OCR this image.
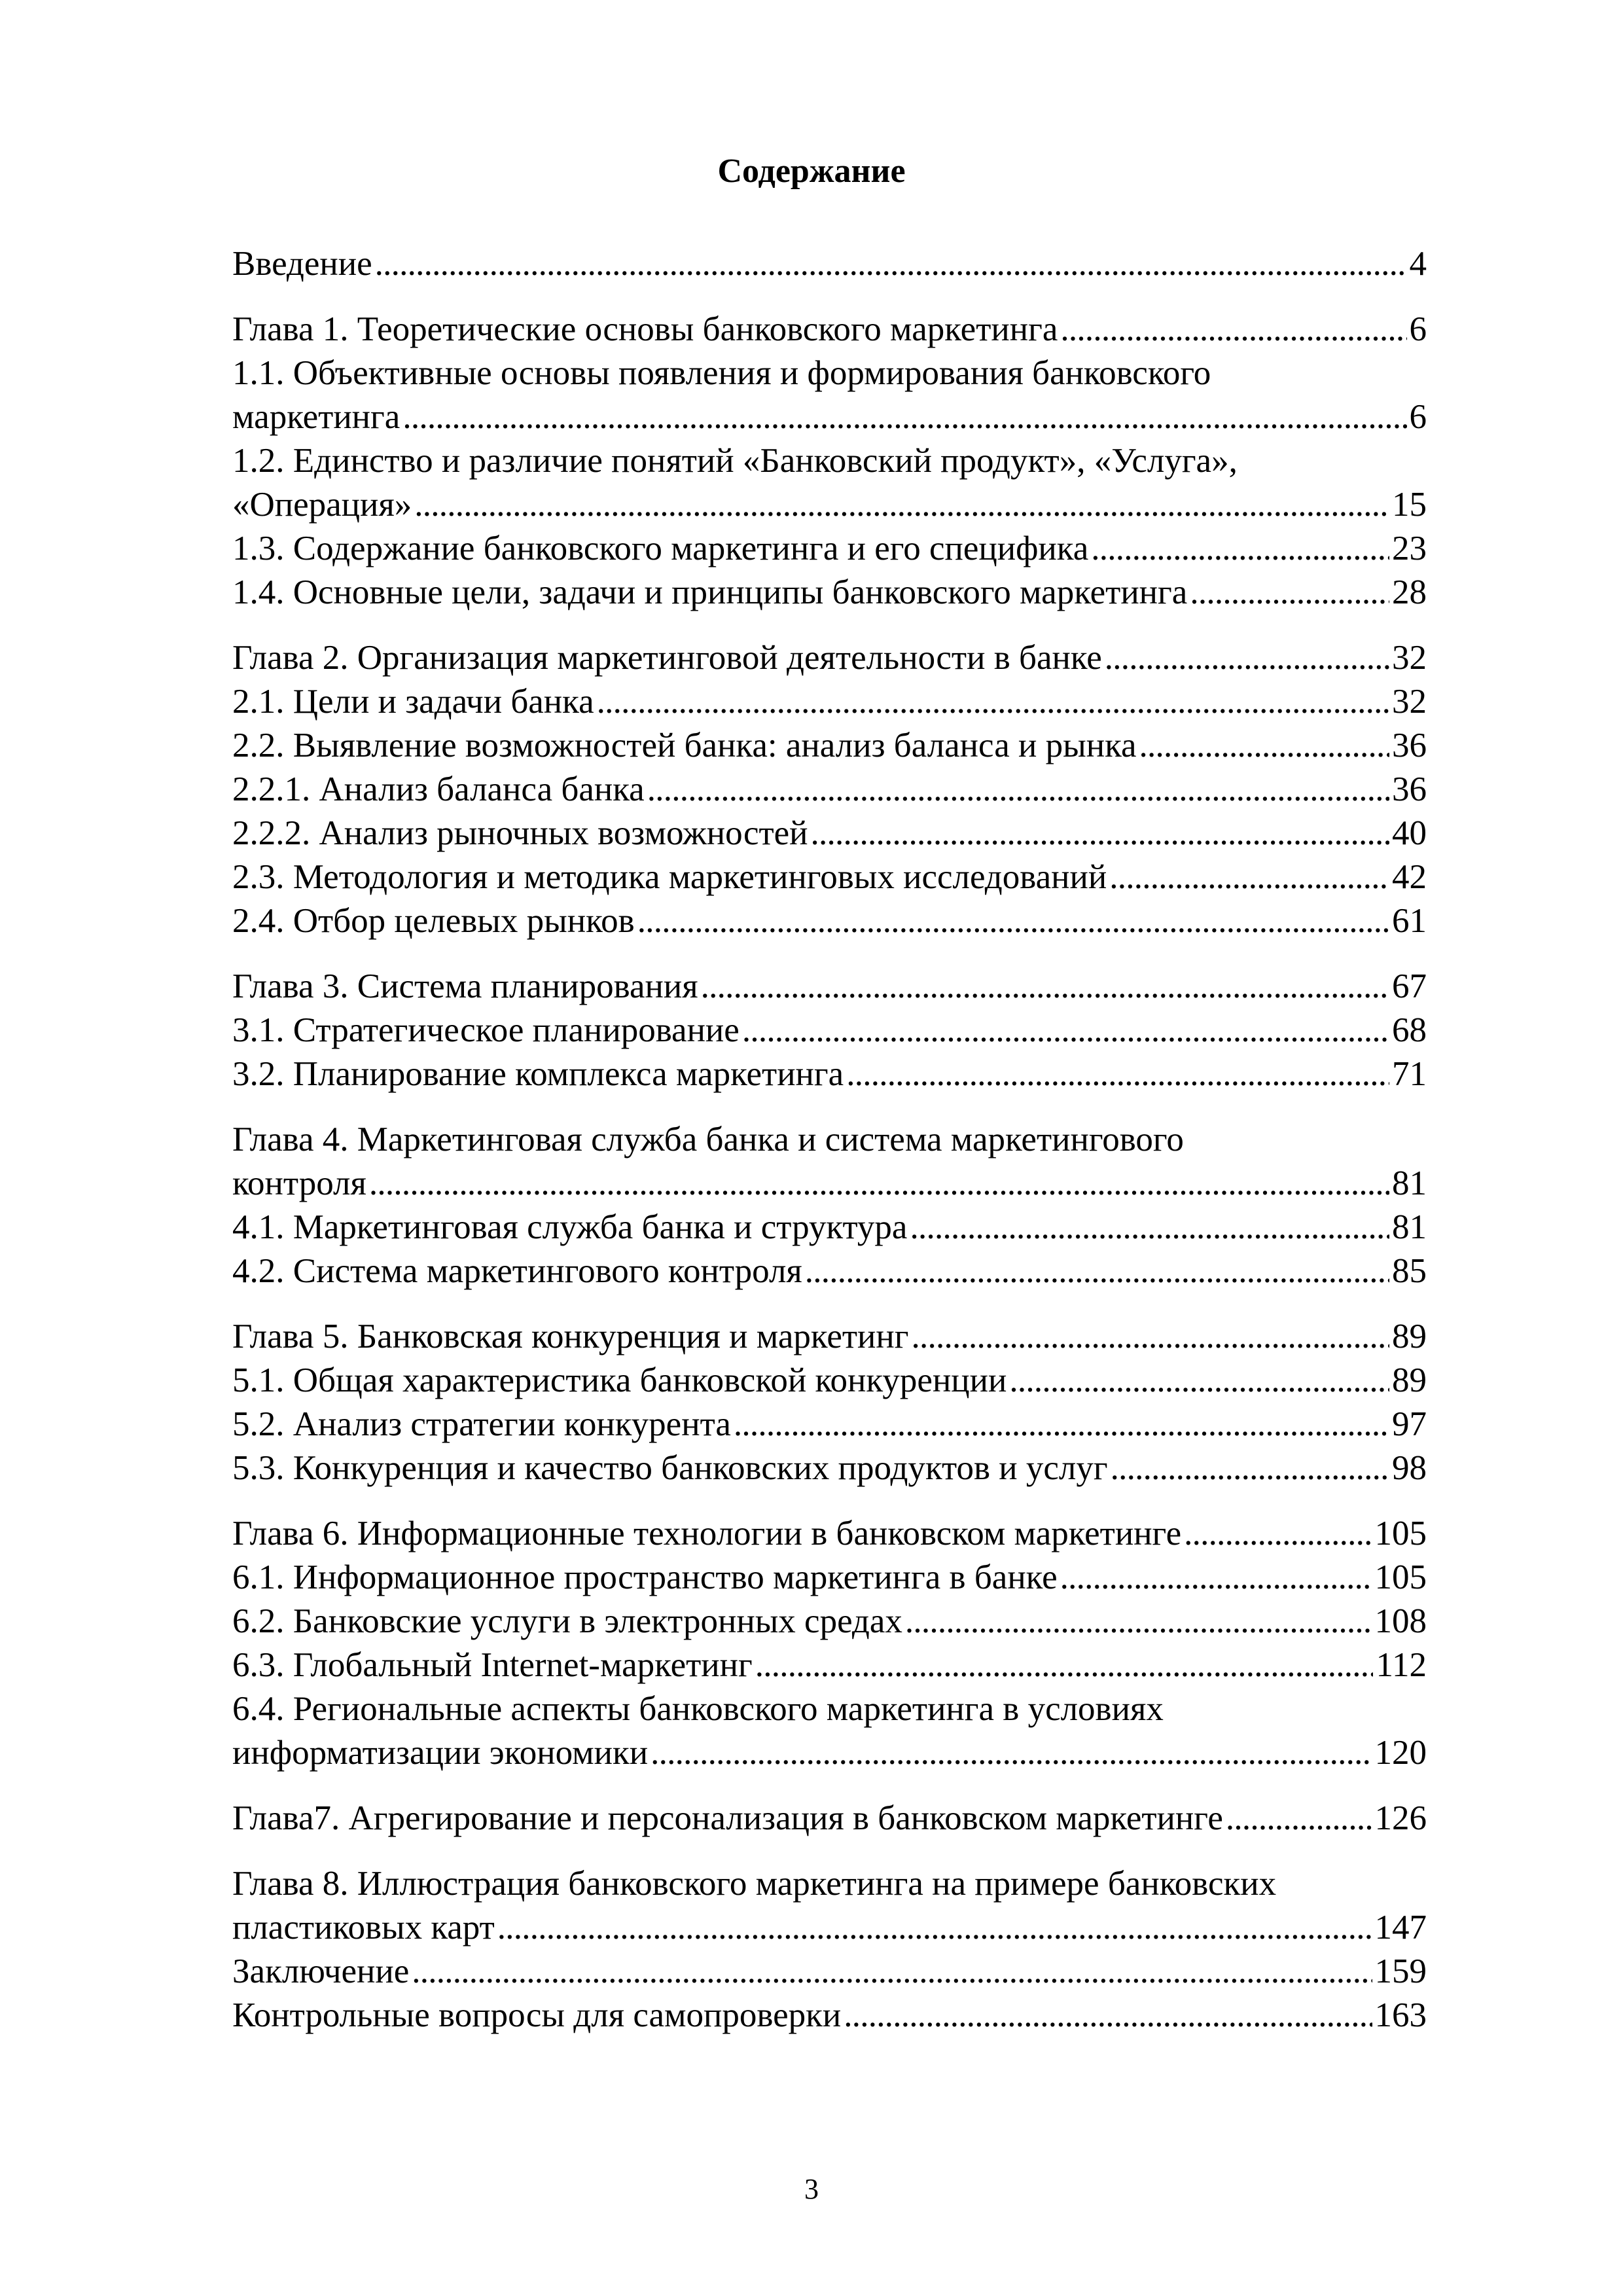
Содержание
Введение . . .	4
Глава 1. Теоретические основы банковского маркетинга . . .	6
1.1. Объективные основы появления и формирования банковского
маркетинга . . .	6
1.2. Единство и различие понятий «Банковский продукт», «Услуга»,
«Операция» . . .	15
1.3. Содержание банковского маркетинга и его специфика . . .	23
1.4. Основные цели, задачи и принципы банковского маркетинга . . .	28
Глава 2. Организация маркетинговой деятельности в банке . . .	32
2.1. Цели и задачи банка . . .	32
2.2. Выявление возможностей банка: анализ баланса и рынка . . .	36
2.2.1. Анализ баланса банка . . .	36
2.2.2. Анализ рыночных возможностей . . .	40
2.3. Методология и методика маркетинговых исследований . . .	42
2.4. Отбор целевых рынков . . .	61
Глава 3. Система планирования . . .	67
3.1. Стратегическое планирование . . .	68
3.2. Планирование комплекса маркетинга . . .	71
Глава 4. Маркетинговая служба банка и система маркетингового
контроля . . .	81
4.1. Маркетинговая служба банка и структура . . .	81
4.2. Система маркетингового контроля . . .	85
Глава 5. Банковская конкуренция и маркетинг . . .	89
5.1. Общая характеристика банковской конкуренции . . .	89
5.2. Анализ стратегии конкурента . . .	97
5.3. Конкуренция и качество банковских продуктов и услуг . . .	98
Глава 6. Информационные технологии в банковском маркетинге . . .	105
6.1. Информационное пространство маркетинга в банке . . .	105
6.2. Банковские услуги в электронных средах . . .	108
6.3. Глобальный Internet-маркетинг . . .	112
6.4. Региональные аспекты банковского маркетинга в условиях
информатизации экономики . . .	120
Глава7. Агрегирование и персонализация в банковском маркетинге . . .	126
Глава 8. Иллюстрация банковского маркетинга на примере банковских
пластиковых карт . . .	147
Заключение . . .	159
Контрольные вопросы для самопроверки . . .	163
3
